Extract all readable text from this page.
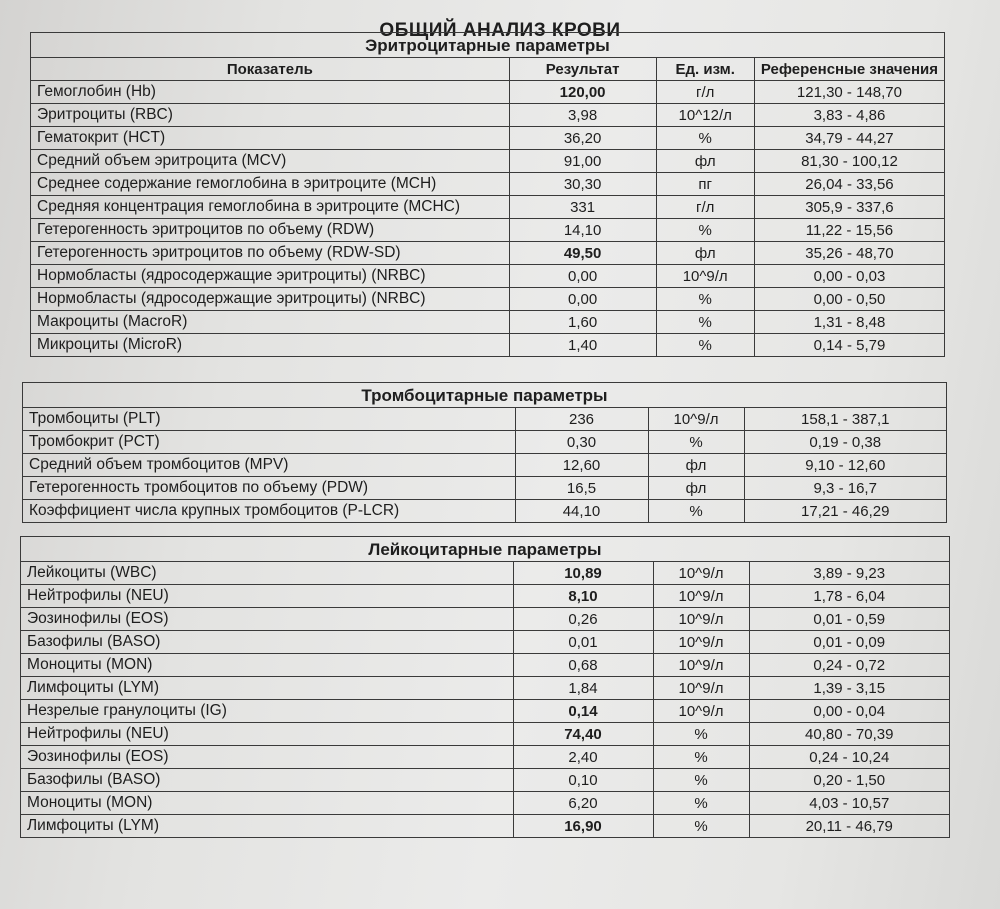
ОБЩИЙ АНАЛИЗ КРОВИ
Эритроцитарные параметры
Показатель	Результат	Ед. изм.	Референсные значения
Гемоглобин (Hb)	120,00	г/л	121,30 - 148,70
Эритроциты (RBC)	3,98	10^12/л	3,83 - 4,86
Гематокрит (HCT)	36,20	%	34,79 - 44,27
Средний объем эритроцита (MCV)	91,00	фл	81,30 - 100,12
Среднее содержание гемоглобина в эритроците (MCH)	30,30	пг	26,04 - 33,56
Средняя концентрация гемоглобина в эритроците (MCHC)	331	г/л	305,9 - 337,6
Гетерогенность эритроцитов по объему (RDW)	14,10	%	11,22 - 15,56
Гетерогенность эритроцитов по объему (RDW-SD)	49,50	фл	35,26 - 48,70
Нормобласты (ядросодержащие эритроциты) (NRBC)	0,00	10^9/л	0,00 - 0,03
Нормобласты (ядросодержащие эритроциты) (NRBC)	0,00	%	0,00 - 0,50
Макроциты (MacroR)	1,60	%	1,31 - 8,48
Микроциты (MicroR)	1,40	%	0,14 - 5,79
Тромбоцитарные параметры
Тромбоциты (PLT)	236	10^9/л	158,1 - 387,1
Тромбокрит (PCT)	0,30	%	0,19 - 0,38
Средний объем тромбоцитов (MPV)	12,60	фл	9,10 - 12,60
Гетерогенность тромбоцитов по объему (PDW)	16,5	фл	9,3 - 16,7
Коэффициент числа крупных тромбоцитов (P-LCR)	44,10	%	17,21 - 46,29
Лейкоцитарные параметры
Лейкоциты (WBC)	10,89	10^9/л	3,89 - 9,23
Нейтрофилы (NEU)	8,10	10^9/л	1,78 - 6,04
Эозинофилы (EOS)	0,26	10^9/л	0,01 - 0,59
Базофилы (BASO)	0,01	10^9/л	0,01 - 0,09
Моноциты (MON)	0,68	10^9/л	0,24 - 0,72
Лимфоциты (LYM)	1,84	10^9/л	1,39 - 3,15
Незрелые гранулоциты (IG)	0,14	10^9/л	0,00 - 0,04
Нейтрофилы (NEU)	74,40	%	40,80 - 70,39
Эозинофилы (EOS)	2,40	%	0,24 - 10,24
Базофилы (BASO)	0,10	%	0,20 - 1,50
Моноциты (MON)	6,20	%	4,03 - 10,57
Лимфоциты (LYM)	16,90	%	20,11 - 46,79
